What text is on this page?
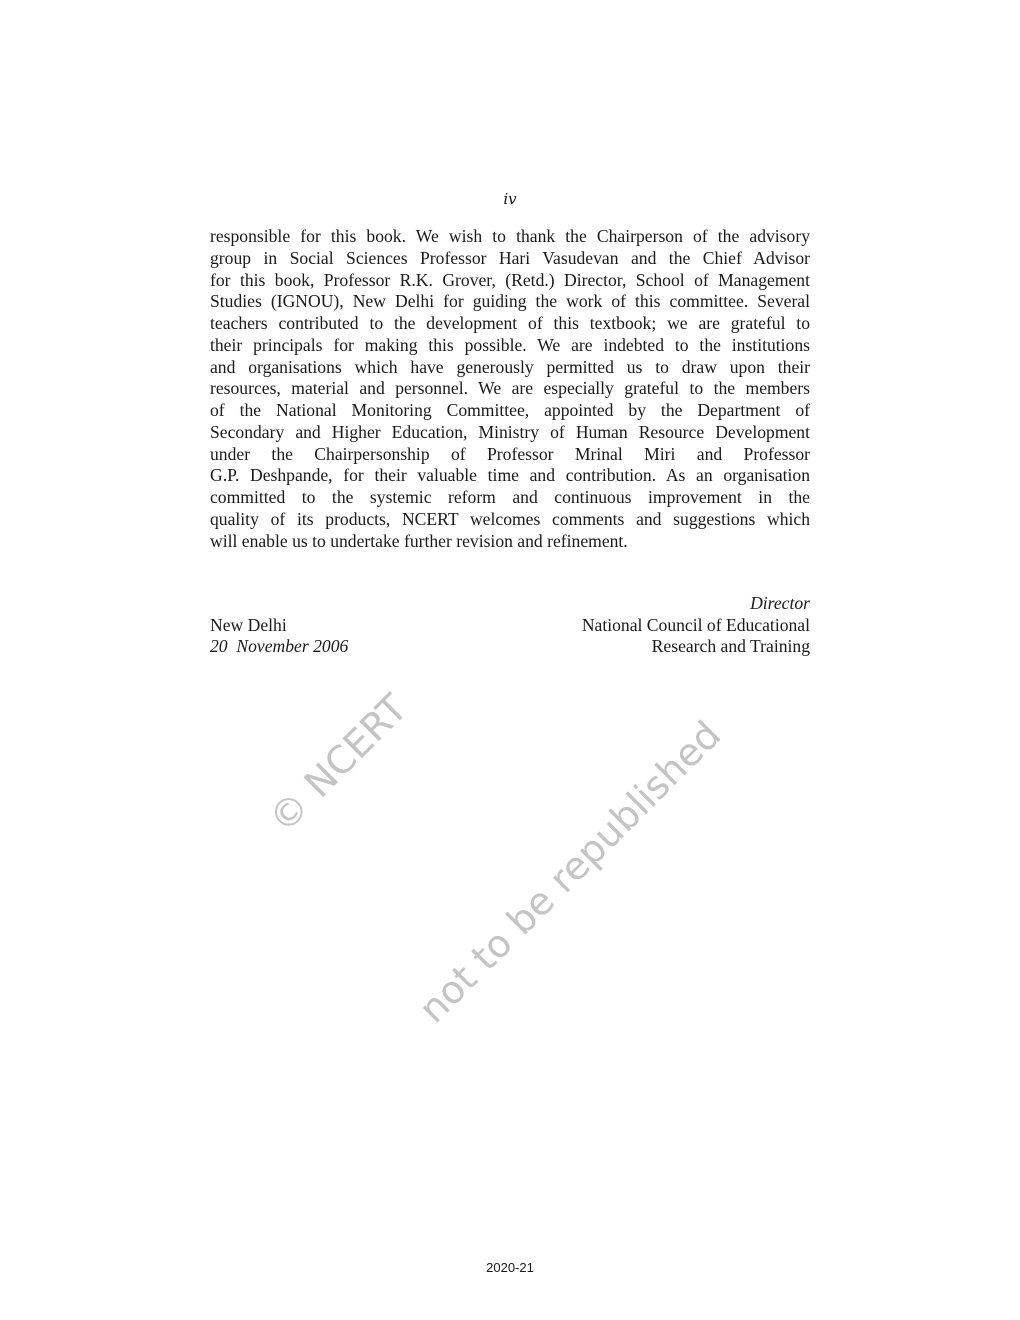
iv
responsible for this book. We wish to thank the Chairperson of the advisory
group in Social Sciences Professor Hari Vasudevan and the Chief Advisor
for this book, Professor R.K. Grover, (Retd.) Director, School of Management
Studies (IGNOU), New Delhi for guiding the work of this committee. Several
teachers contributed to the development of this textbook; we are grateful to
their principals for making this possible. We are indebted to the institutions
and organisations which have generously permitted us to draw upon their
resources, material and personnel. We are especially grateful to the members
of the National Monitoring Committee, appointed by the Department of
Secondary and Higher Education, Ministry of Human Resource Development
under the Chairpersonship of Professor Mrinal Miri and Professor
G.P. Deshpande, for their valuable time and contribution. As an organisation
committed to the systemic reform and continuous improvement in the
quality of its products, NCERT welcomes comments and suggestions which
will enable us to undertake further revision and refinement.
Director
New Delhi	National Council of Educational
20  November 2006	Research and Training
© NCERT
not to be republished
2020-21
